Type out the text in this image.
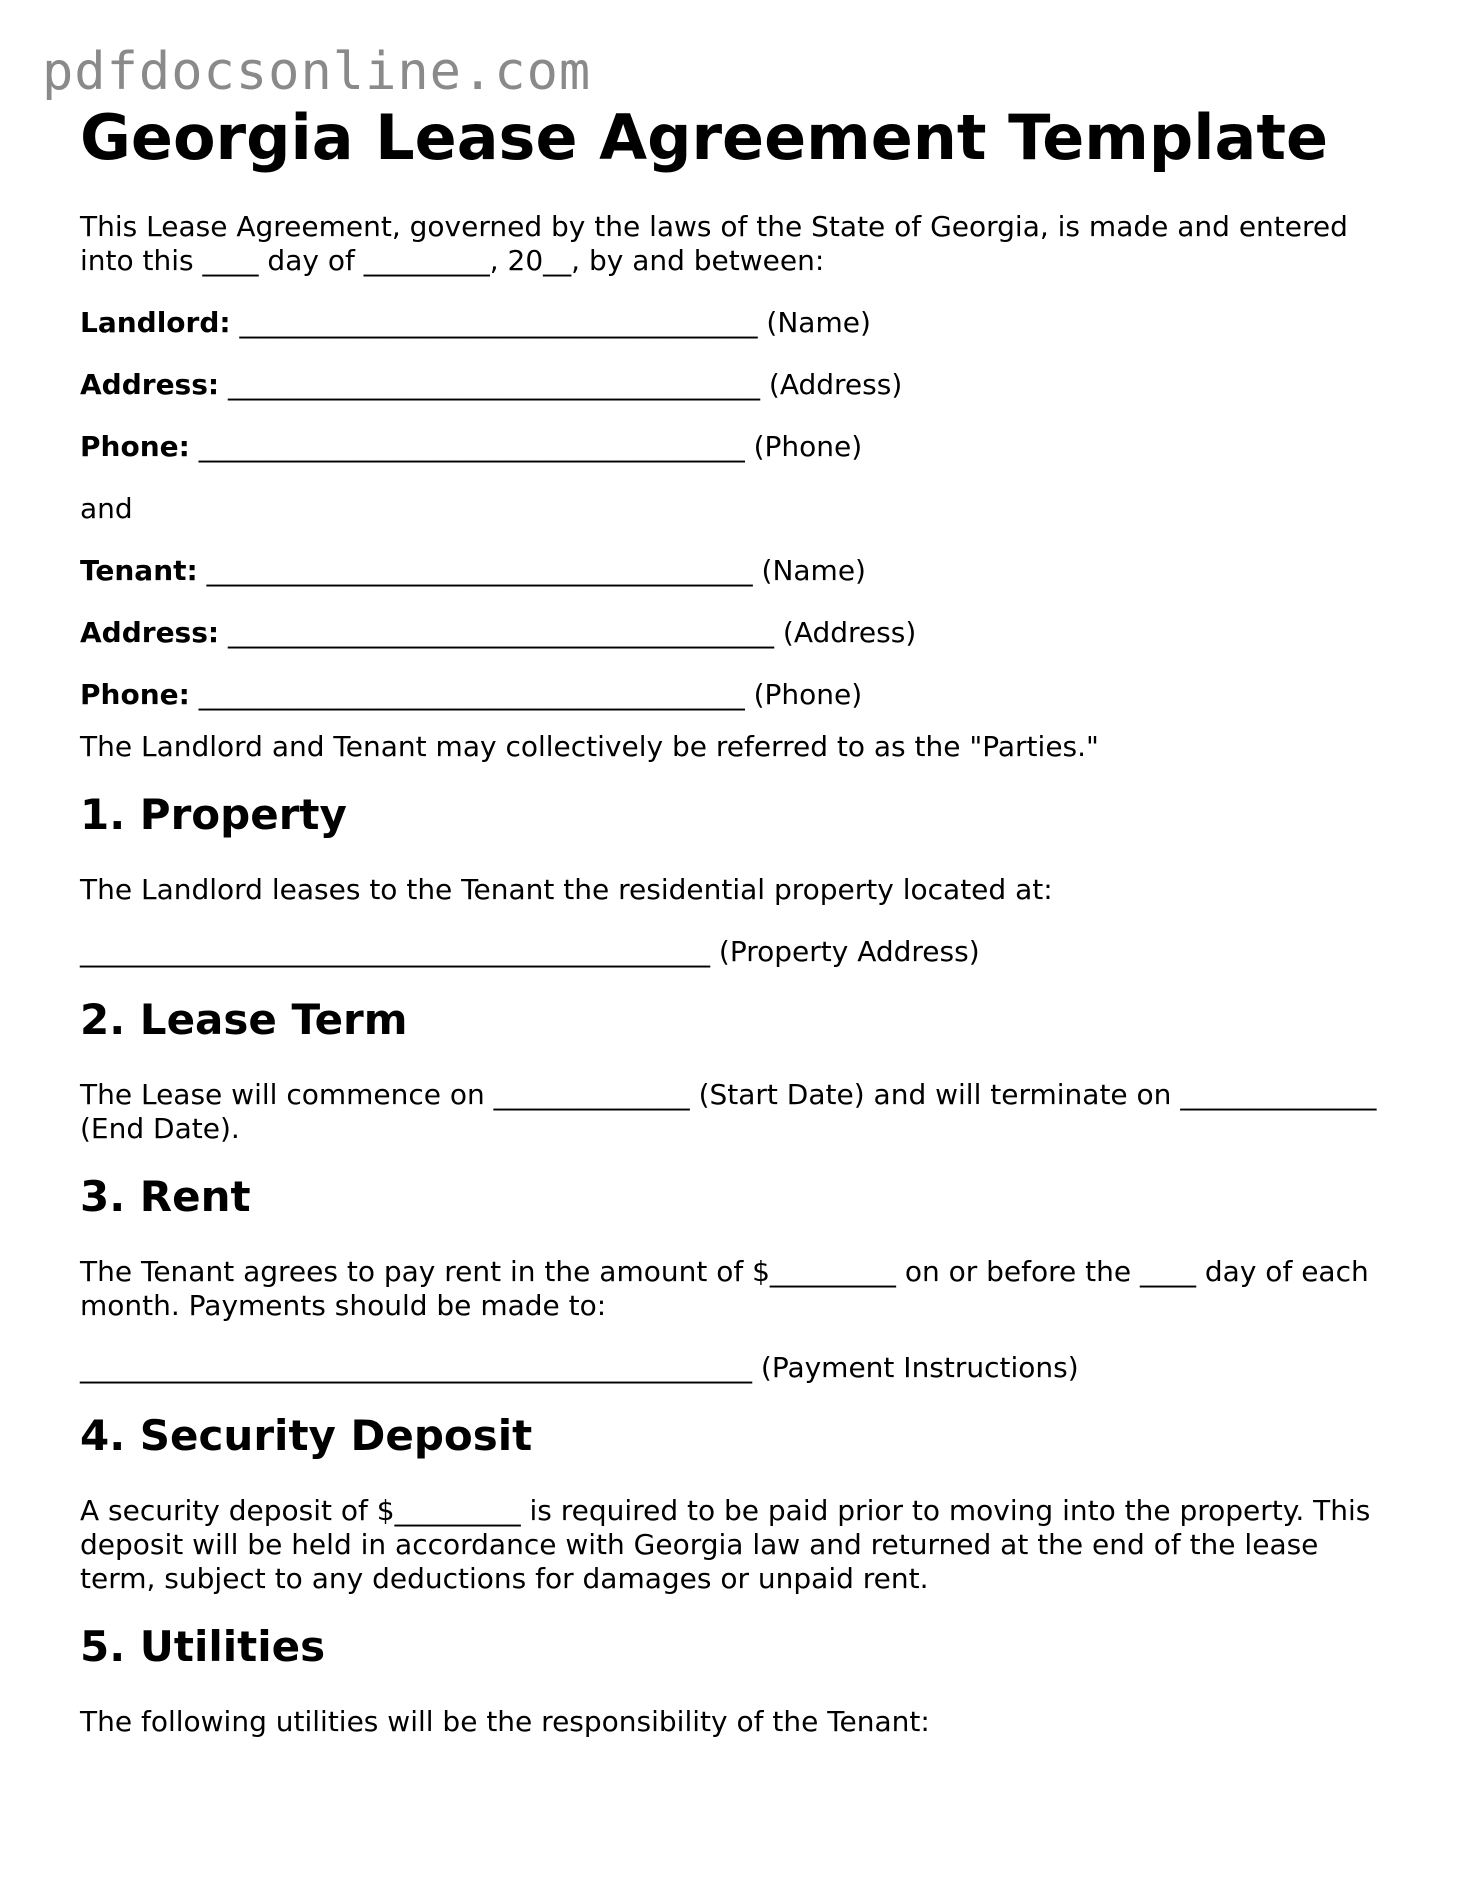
pdfdocsonline.com
Georgia Lease Agreement Template

This Lease Agreement, governed by the laws of the State of Georgia, is made and entered into this ____ day of _________, 20__, by and between:

Landlord: _____________________________________ (Name)

Address: ______________________________________ (Address)

Phone: _______________________________________ (Phone)

and

Tenant: _______________________________________ (Name)

Address: _______________________________________ (Address)

Phone: _______________________________________ (Phone)

The Landlord and Tenant may collectively be referred to as the "Parties."

1. Property

The Landlord leases to the Tenant the residential property located at:

_____________________________________________ (Property Address)

2. Lease Term

The Lease will commence on ______________ (Start Date) and will terminate on ______________ (End Date).

3. Rent

The Tenant agrees to pay rent in the amount of $_________ on or before the ____ day of each month. Payments should be made to:

________________________________________________ (Payment Instructions)

4. Security Deposit

A security deposit of $_________ is required to be paid prior to moving into the property. This deposit will be held in accordance with Georgia law and returned at the end of the lease term, subject to any deductions for damages or unpaid rent.

5. Utilities

The following utilities will be the responsibility of the Tenant:
